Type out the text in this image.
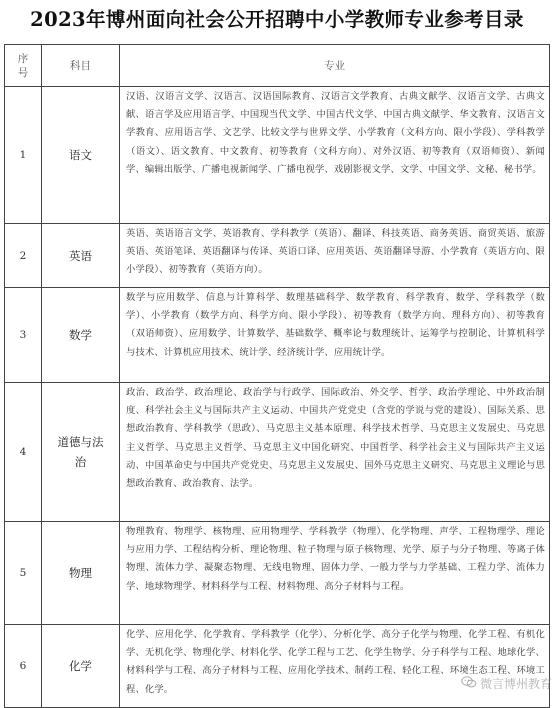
2023年博州面向社会公开招聘中小学教师专业参考目录
序号	科目	专业
1	语文	汉语、汉语言文学、汉语言、汉语国际教育、汉语言文学教育、古典文献学、汉语言文学、古典文献、语言学及应用语言学、中国现当代文学、中国古代文学、中国古典文献学、华文教育、汉语言文学教育、应用语言学、文艺学、比较文学与世界文学、小学教育（文科方向、限小学段）、学科教学（语文）、语文教育、中文教育、初等教育（文科方向）、对外汉语、初等教育（双语师资）、新闻学、编辑出版学、广播电视新闻学、广播电视学、戏剧影视文学、文学、中国文学、文秘、秘书学。

2	英语	英语、英语语言文学、英语教育、学科教学（英语）、翻译、科技英语、商务英语、商贸英语、旅游英语、英语笔译、英语翻译与传译、英语口译、应用英语、英语翻译导游、小学教育（英语方向、限小学段）、初等教育（英语方向）。

3	数学	数学与应用数学、信息与计算科学、数理基础科学、数学教育、科学教育、数学、学科教学（数学）、小学教育（数学方向、科学方向、限小学段）、初等教育（数学方向、理科方向）、初等教育（双语师资）、应用数学、计算数学、基础数学、概率论与数理统计、运筹学与控制论、计算机科学与技术、计算机应用技术、统计学、经济统计学、应用统计学。

4	道德与法治	政治、政治学、政治理论、政治学与行政学、国际政治、外交学、哲学、政治学理论、中外政治制度、科学社会主义与国际共产主义运动、中国共产党党史（含党的学说与党的建设）、国际关系、思想政治教育、学科教学（思政）、马克思主义基本原理、科学技术哲学、马克思主义发展史、马克思主义哲学、马克思主义哲学、马克思主义中国化研究、中国哲学、科学社会主义与国际共产主义运动、中国革命史与中国共产党党史、马克思主义发展史、国外马克思主义研究、马克思主义理论与思想政治教育、政治教育、法学。

5	物理	物理教育、物理学、核物理、应用物理学、学科教学（物理）、化学物理、声学、工程物理学、理论与应用力学、工程结构分析、理论物理、粒子物理与原子核物理、光学、原子与分子物理、等离子体物理、流体力学、凝聚态物理、无线电物理、固体力学、一般力学与力学基础、工程力学、流体力学、地球物理学、材料科学与工程、材料物理、高分子材料与工程。

6	化学	化学、应用化学、化学教育、学科教学（化学）、分析化学、高分子化学与物理、化学工程、有机化学、无机化学、物理化学、材料化学、化学工程与工艺、化学生物学、分子科学与工程、地球化学、材料科学与工程、高分子材料与工程、应用化学技术、制药工程、轻化工程、环境生态工程、环境工程、化学。	微言博州教育
